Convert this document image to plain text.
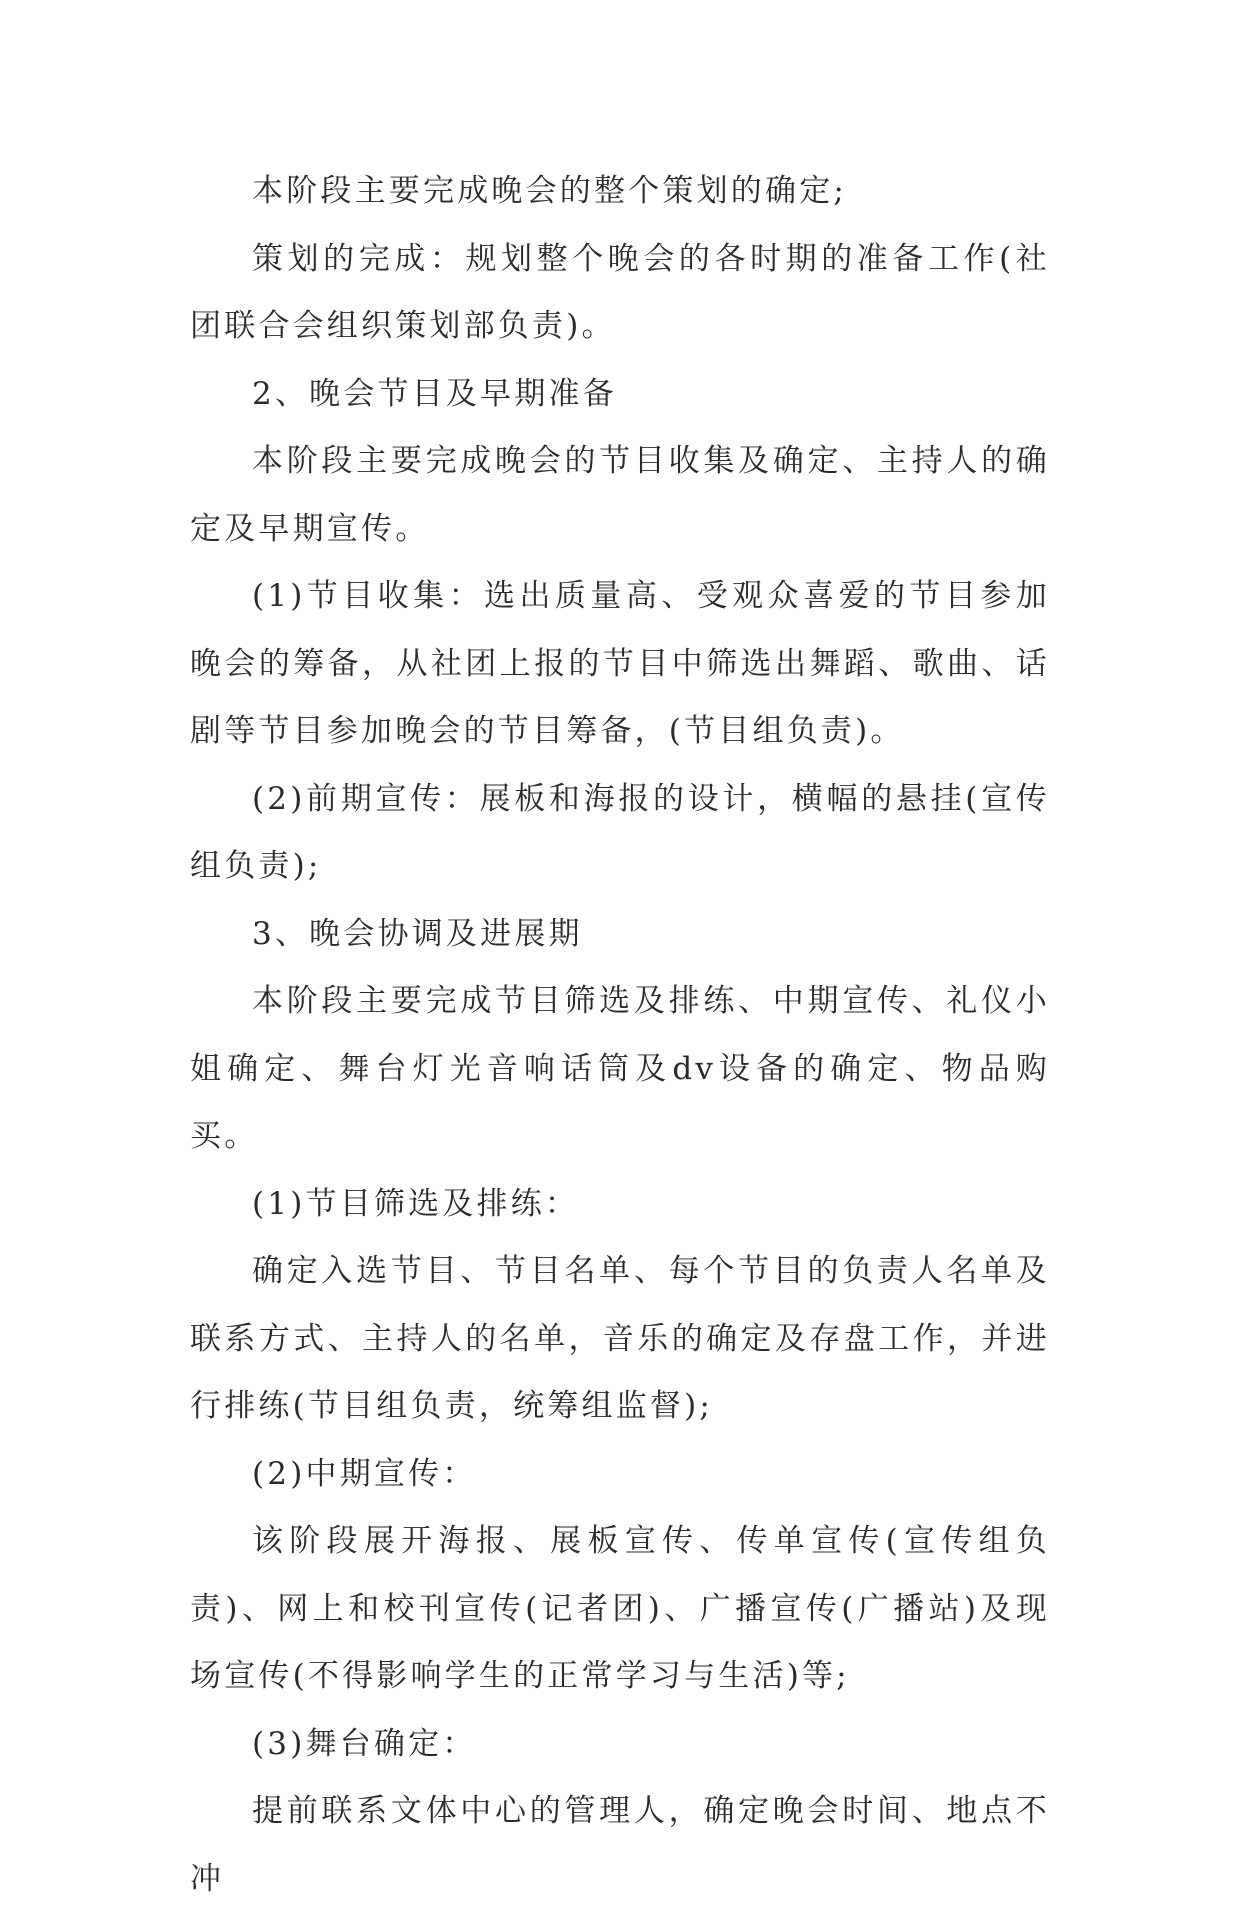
本阶段主要完成晚会的整个策划的确定;

策划的完成：规划整个晚会的各时期的准备工作(社团联合会组织策划部负责)。

2、晚会节目及早期准备

本阶段主要完成晚会的节目收集及确定、主持人的确定及早期宣传。

(1)节目收集：选出质量高、受观众喜爱的节目参加晚会的筹备，从社团上报的节目中筛选出舞蹈、歌曲、话剧等节目参加晚会的节目筹备，(节目组负责)。

(2)前期宣传：展板和海报的设计，横幅的悬挂(宣传组负责);

3、晚会协调及进展期

本阶段主要完成节目筛选及排练、中期宣传、礼仪小姐确定、舞台灯光音响话筒及dv设备的确定、物品购买。

(1)节目筛选及排练：

确定入选节目、节目名单、每个节目的负责人名单及联系方式、主持人的名单，音乐的确定及存盘工作，并进行排练(节目组负责，统筹组监督);

(2)中期宣传：

该阶段展开海报、展板宣传、传单宣传(宣传组负责)、网上和校刊宣传(记者团)、广播宣传(广播站)及现场宣传(不得影响学生的正常学习与生活)等;

(3)舞台确定：

提前联系文体中心的管理人，确定晚会时间、地点不冲
